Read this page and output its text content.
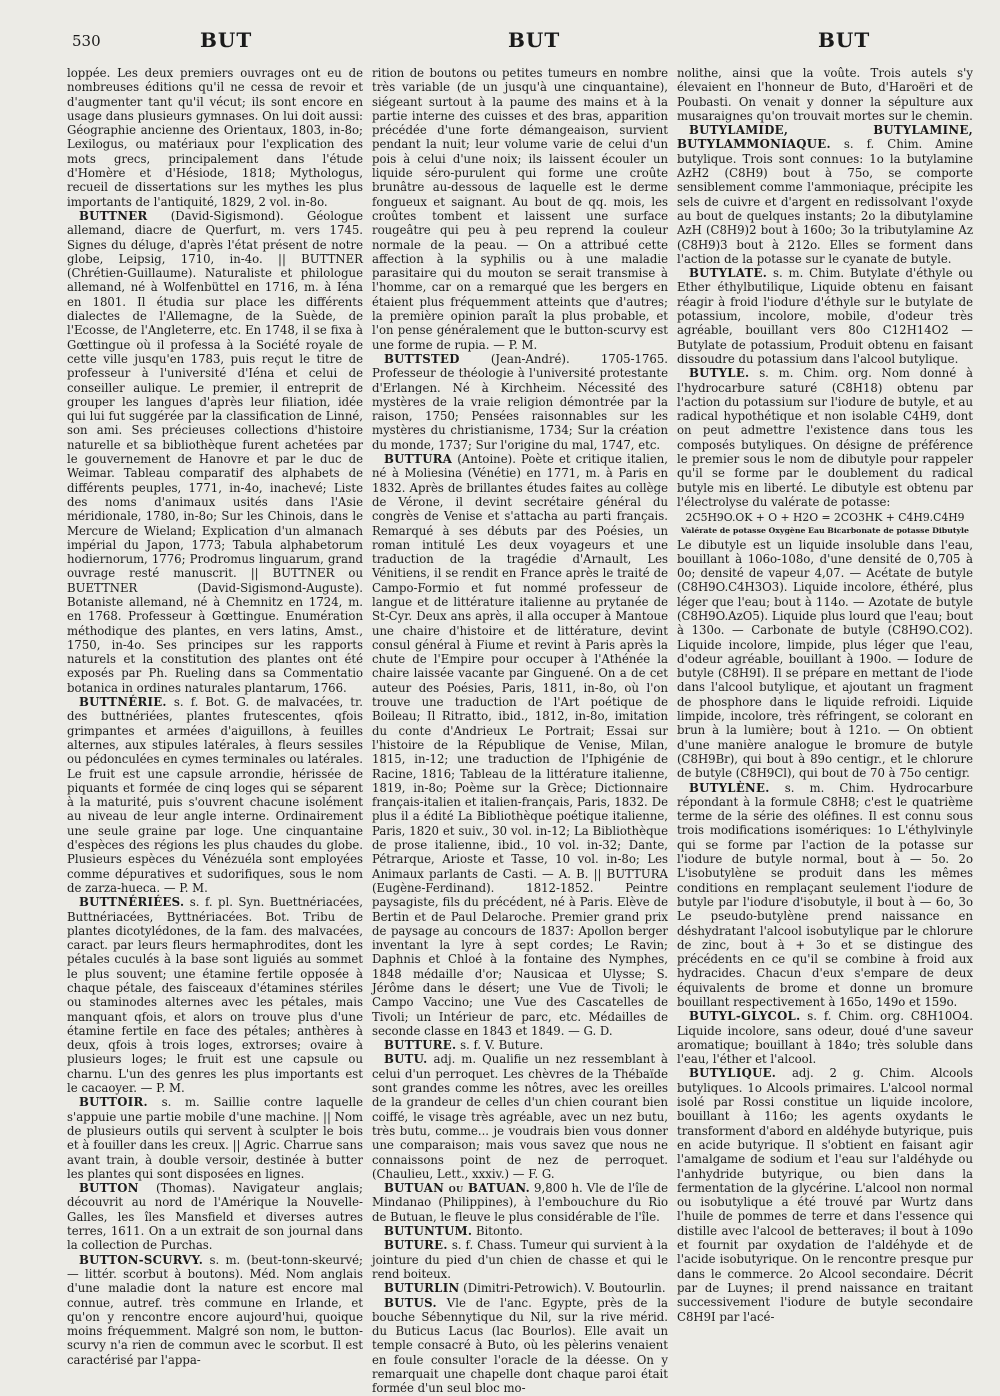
530	BUT	BUT	BUT

loppée. Les deux premiers ouvrages ont eu de nombreuses éditions qu'il ne cessa de revoir et d'augmenter tant qu'il vécut; ils sont encore en usage dans plusieurs gymnases. On lui doit aussi: Géographie ancienne des Orientaux, 1803, in-8o; Lexilogus, ou matériaux pour l'explication des mots grecs, principalement dans l'étude d'Homère et d'Hésiode, 1818; Mythologus, recueil de dissertations sur les mythes les plus importants de l'antiquité, 1829, 2 vol. in-8o.

BUTTNER (David-Sigismond). Géologue allemand, diacre de Querfurt, m. vers 1745. Signes du déluge, d'après l'état présent de notre globe, Leipsig, 1710, in-4o. || BUTTNER (Chrétien-Guillaume). Naturaliste et philologue allemand, né à Wolfenbüttel en 1716, m. à Iéna en 1801. Il étudia sur place les différents dialectes de l'Allemagne, de la Suède, de l'Ecosse, de l'Angleterre, etc. En 1748, il se fixa à Gœttingue où il professa à la Société royale de cette ville jusqu'en 1783, puis reçut le titre de professeur à l'université d'Iéna et celui de conseiller aulique. Le premier, il entreprit de grouper les langues d'après leur filiation, idée qui lui fut suggérée par la classification de Linné, son ami. Ses précieuses collections d'histoire naturelle et sa bibliothèque furent achetées par le gouvernement de Hanovre et par le duc de Weimar. Tableau comparatif des alphabets de différents peuples, 1771, in-4o, inachevé; Liste des noms d'animaux usités dans l'Asie méridionale, 1780, in-8o; Sur les Chinois, dans le Mercure de Wieland; Explication d'un almanach impérial du Japon, 1773; Tabula alphabetorum hodiernorum, 1776; Prodromus linguarum, grand ouvrage resté manuscrit. || BUTTNER ou BUETTNER (David-Sigismond-Auguste). Botaniste allemand, né à Chemnitz en 1724, m. en 1768. Professeur à Gœttingue. Enumération méthodique des plantes, en vers latins, Amst., 1750, in-4o. Ses principes sur les rapports naturels et la constitution des plantes ont été exposés par Ph. Rueling dans sa Commentatio botanica in ordines naturales plantarum, 1766.

BUTTNÉRIE. s. f. Bot. G. de malvacées, tr. des buttnériées, plantes frutescentes, qfois grimpantes et armées d'aiguillons, à feuilles alternes, aux stipules latérales, à fleurs sessiles ou pédonculées en cymes terminales ou latérales. Le fruit est une capsule arrondie, hérissée de piquants et formée de cinq loges qui se séparent à la maturité, puis s'ouvrent chacune isolément au niveau de leur angle interne. Ordinairement une seule graine par loge. Une cinquantaine d'espèces des régions les plus chaudes du globe. Plusieurs espèces du Vénézuéla sont employées comme dépuratives et sudorifiques, sous le nom de zarza-hueca. — P. M.

BUTTNÉRIÉES. s. f. pl. Syn. Buettnériacées, Buttnériacées, Byttnériacées. Bot. Tribu de plantes dicotylédones, de la fam. des malvacées, caract. par leurs fleurs hermaphrodites, dont les pétales cuculés à la base sont liguiés au sommet le plus souvent; une étamine fertile opposée à chaque pétale, des faisceaux d'étamines stériles ou staminodes alternes avec les pétales, mais manquant qfois, et alors on trouve plus d'une étamine fertile en face des pétales; anthères à deux, qfois à trois loges, extrorses; ovaire à plusieurs loges; le fruit est une capsule ou charnu. L'un des genres les plus importants est le cacaoyer. — P. M.

BUTTOIR. s. m. Saillie contre laquelle s'appuie une partie mobile d'une machine. || Nom de plusieurs outils qui servent à sculpter le bois et à fouiller dans les creux. || Agric. Charrue sans avant train, à double versoir, destinée à butter les plantes qui sont disposées en lignes.

BUTTON (Thomas). Navigateur anglais; découvrit au nord de l'Amérique la Nouvelle-Galles, les îles Mansfield et diverses autres terres, 1611. On a un extrait de son journal dans la collection de Purchas.

BUTTON-SCURVY. s. m. (beut-tonn-skeurvé; — littér. scorbut à boutons). Méd. Nom anglais d'une maladie dont la nature est encore mal connue, autref. très commune en Irlande, et qu'on y rencontre encore aujourd'hui, quoique moins fréquemment. Malgré son nom, le button-scurvy n'a rien de commun avec le scorbut. Il est caractérisé par l'appa-

rition de boutons ou petites tumeurs en nombre très variable (de un jusqu'à une cinquantaine), siégeant surtout à la paume des mains et à la partie interne des cuisses et des bras, apparition précédée d'une forte démangeaison, survient pendant la nuit; leur volume varie de celui d'un pois à celui d'une noix; ils laissent écouler un liquide séro-purulent qui forme une croûte brunâtre au-dessous de laquelle est le derme fongueux et saignant. Au bout de qq. mois, les croûtes tombent et laissent une surface rougeâtre qui peu à peu reprend la couleur normale de la peau. — On a attribué cette affection à la syphilis ou à une maladie parasitaire qui du mouton se serait transmise à l'homme, car on a remarqué que les bergers en étaient plus fréquemment atteints que d'autres; la première opinion paraît la plus probable, et l'on pense généralement que le button-scurvy est une forme de rupia. — P. M.

BUTTSTED	(Jean-André). 1705-1765. Professeur de théologie à l'université protestante d'Erlangen. Né à Kirchheim. Nécessité des mystères de la vraie religion démontrée par la raison, 1750; Pensées raisonnables sur les mystères du christianisme, 1734; Sur la création du monde, 1737; Sur l'origine du mal, 1747, etc.

BUTTURA (Antoine). Poète et critique italien, né à Moliesina (Vénétie) en 1771, m. à Paris en 1832. Après de brillantes études faites au collège de Vérone, il devint secrétaire général du congrès de Venise et s'attacha au parti français. Remarqué à ses débuts par des Poésies, un roman intitulé Les deux voyageurs et une traduction de la tragédie d'Arnault, Les Vénitiens, il se rendit en France après le traité de Campo-Formio et fut nommé professeur de langue et de littérature italienne au prytanée de St-Cyr. Deux ans après, il alla occuper à Mantoue une chaire d'histoire et de littérature, devint consul général à Fiume et revint à Paris après la chute de l'Empire pour occuper à l'Athénée la chaire laissée vacante par Ginguené. On a de cet auteur des Poésies, Paris, 1811, in-8o, où l'on trouve une traduction de l'Art poétique de Boileau; Il Ritratto, ibid., 1812, in-8o, imitation du conte d'Andrieux Le Portrait; Essai sur l'histoire de la République de Venise, Milan, 1815, in-12; une traduction de l'Iphigénie de Racine, 1816; Tableau de la littérature italienne, 1819, in-8o; Poème sur la Grèce; Dictionnaire français-italien et italien-français, Paris, 1832. De plus il a édité La Bibliothèque poétique italienne, Paris, 1820 et suiv., 30 vol. in-12; La Bibliothèque de prose italienne, ibid., 10 vol. in-32; Dante, Pétrarque, Arioste et Tasse, 10 vol. in-8o; Les Animaux parlants de Casti. — A. B. || BUTTURA (Eugène-Ferdinand). 1812-1852. Peintre paysagiste, fils du précédent, né à Paris. Elève de Bertin et de Paul Delaroche. Premier grand prix de paysage au concours de 1837: Apollon berger inventant la lyre à sept cordes; Le Ravin; Daphnis et Chloé à la fontaine des Nymphes, 1848 médaille d'or; Nausicaa et Ulysse; S. Jérôme dans le désert; une Vue de Tivoli; le Campo Vaccino; une Vue des Cascatelles de Tivoli; un Intérieur de parc, etc. Médailles de seconde classe en 1843 et 1849. — G. D.

BUTTURE. s. f. V. Buture.

BUTU. adj. m. Qualifie un nez ressemblant à celui d'un perroquet. Les chèvres de la Thébaïde sont grandes comme les nôtres, avec les oreilles de la grandeur de celles d'un chien courant bien coiffé, le visage très agréable, avec un nez butu, très butu, comme... je voudrais bien vous donner une comparaison; mais vous savez que nous ne connaissons point de nez de perroquet. (Chaulieu, Lett., xxxiv.) — F. G.

BUTUAN ou BATUAN. 9,800 h. Vle de l'île de Mindanao (Philippines), à l'embouchure du Rio de Butuan, le fleuve le plus considérable de l'île.

BUTUNTUM. Bitonto.

BUTURE. s. f. Chass. Tumeur qui survient à la jointure du pied d'un chien de chasse et qui le rend boiteux.

BUTURLIN (Dimitri-Petrowich). V. Boutourlin.

BUTUS. Vle de l'anc. Egypte, près de la bouche Sébennytique du Nil, sur la rive mérid. du Buticus Lacus (lac Bourlos). Elle avait un temple consacré à Buto, où les pèlerins venaient en foule consulter l'oracle de la déesse. On y remarquait une chapelle dont chaque paroi était formée d'un seul bloc mo-

nolithe, ainsi que la voûte. Trois autels s'y élevaient en l'honneur de Buto, d'Haroëri et de Poubasti. On venait y donner la sépulture aux musaraignes qu'on trouvait mortes sur le chemin.

BUTYLAMIDE, BUTYLAMINE, BUTYLAMMONIAQUE. s. f. Chim. Amine butylique. Trois sont connues: 1o la butylamine AzH2 (C8H9) bout à 75o, se comporte sensiblement comme l'ammoniaque, précipite les sels de cuivre et d'argent en redissolvant l'oxyde au bout de quelques instants; 2o la dibutylamine AzH (C8H9)2 bout à 160o; 3o la tributylamine Az (C8H9)3 bout à 212o. Elles se forment dans l'action de la potasse sur le cyanate de butyle.

BUTYLATE. s. m. Chim. Butylate d'éthyle ou Ether éthylbutilique, Liquide obtenu en faisant réagir à froid l'iodure d'éthyle sur le butylate de potassium, incolore, mobile, d'odeur très agréable, bouillant vers 80o C12H14O2 — Butylate de potassium, Produit obtenu en faisant dissoudre du potassium dans l'alcool butylique.

BUTYLE. s. m. Chim. org. Nom donné à l'hydrocarbure saturé (C8H18) obtenu par l'action du potassium sur l'iodure de butyle, et au radical hypothétique et non isolable C4H9, dont on peut admettre l'existence dans tous les composés butyliques. On désigne de préférence le premier sous le nom de dibutyle pour rappeler qu'il se forme par le doublement du radical butyle mis en liberté. Le dibutyle est obtenu par l'électrolyse du valérate de potasse:

2C5H9O.OK + O + H2O = 2CO3HK + C4H9.C4H9
Valérate de potasse Oxygène Eau Bicarbonate de potasse Dibutyle

Le dibutyle est un liquide insoluble dans l'eau, bouillant à 106o-108o, d'une densité de 0,705 à 0o; densité de vapeur 4,07. — Acétate de butyle (C8H9O.C4H3O3). Liquide incolore, éthéré, plus léger que l'eau; bout à 114o. — Azotate de butyle (C8H9O.AzO5). Liquide plus lourd que l'eau; bout à 130o. — Carbonate de butyle (C8H9O.CO2). Liquide incolore, limpide, plus léger que l'eau, d'odeur agréable, bouillant à 190o. — Iodure de butyle (C8H9I). Il se prépare en mettant de l'iode dans l'alcool butylique, et ajoutant un fragment de phosphore dans le liquide refroidi. Liquide limpide, incolore, très réfringent, se colorant en brun à la lumière; bout à 121o. — On obtient d'une manière analogue le bromure de butyle (C8H9Br), qui bout à 89o centigr., et le chlorure de butyle (C8H9Cl), qui bout de 70 à 75o centigr.

BUTYLÈNE. s. m. Chim. Hydrocarbure répondant à la formule C8H8; c'est le quatrième terme de la série des oléfines. Il est connu sous trois modifications isomériques: 1o L'éthylvinyle qui se forme par l'action de la potasse sur l'iodure de butyle normal, bout à — 5o. 2o L'isobutylène se produit dans les mêmes conditions en remplaçant seulement l'iodure de butyle par l'iodure d'isobutyle, il bout à — 6o, 3o Le pseudo-butylène prend naissance en déshydratant l'alcool isobutylique par le chlorure de zinc, bout à + 3o et se distingue des précédents en ce qu'il se combine à froid aux hydracides. Chacun d'eux s'empare de deux équivalents de brome et donne un bromure bouillant respectivement à 165o, 149o et 159o.

BUTYL-GLYCOL. s. f. Chim. org. C8H10O4. Liquide incolore, sans odeur, doué d'une saveur aromatique; bouillant à 184o; très soluble dans l'eau, l'éther et l'alcool.

BUTYLIQUE. adj. 2 g. Chim. Alcools butyliques. 1o Alcools primaires. L'alcool normal isolé par Rossi constitue un liquide incolore, bouillant à 116o; les agents oxydants le transforment d'abord en aldéhyde butyrique, puis en acide butyrique. Il s'obtient en faisant agir l'amalgame de sodium et l'eau sur l'aldéhyde ou l'anhydride butyrique, ou bien dans la fermentation de la glycérine. L'alcool non normal ou isobutylique a été trouvé par Wurtz dans l'huile de pommes de terre et dans l'essence qui distille avec l'alcool de betteraves; il bout à 109o et fournit par oxydation de l'aldéhyde et de l'acide isobutyrique. On le rencontre presque pur dans le commerce. 2o Alcool secondaire. Décrit par de Luynes; il prend naissance en traitant successivement l'iodure de butyle secondaire C8H9I par l'acé-
